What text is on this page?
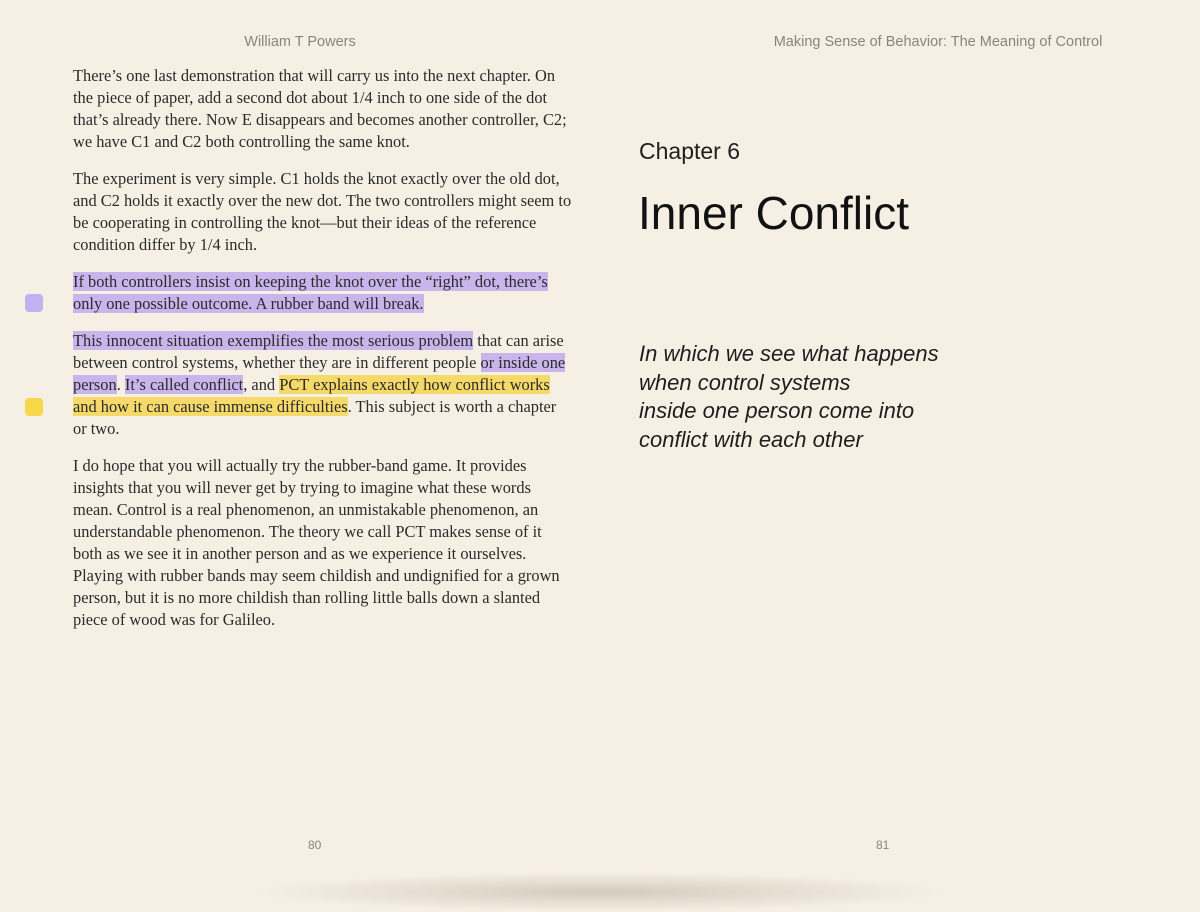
William T Powers

There’s one last demonstration that will carry us into the next chapter. On the piece of paper, add a second dot about 1/4 inch to one side of the dot that’s already there. Now E disappears and becomes another controller, C2; we have C1 and C2 both controlling the same knot.

The experiment is very simple. C1 holds the knot exactly over the old dot, and C2 holds it exactly over the new dot. The two controllers might seem to be cooperating in controlling the knot—but their ideas of the reference condition differ by 1/4 inch.

If both controllers insist on keeping the knot over the “right” dot, there’s only one possible outcome. A rubber band will break.

This innocent situation exemplifies the most serious problem that can arise between control systems, whether they are in different people or inside one person. It’s called conflict, and PCT explains exactly how conflict works and how it can cause immense difficulties. This subject is worth a chapter or two.

I do hope that you will actually try the rubber-band game. It provides insights that you will never get by trying to imagine what these words mean. Control is a real phenomenon, an unmistakable phenomenon, an understandable phenomenon. The theory we call PCT makes sense of it both as we see it in another person and as we experience it ourselves. Playing with rubber bands may seem childish and undignified for a grown person, but it is no more childish than rolling little balls down a slanted piece of wood was for Galileo.

80
Making Sense of Behavior: The Meaning of Control
Chapter 6
Inner Conflict
In which we see what happens
when control systems
inside one person come into
conflict with each other
81
